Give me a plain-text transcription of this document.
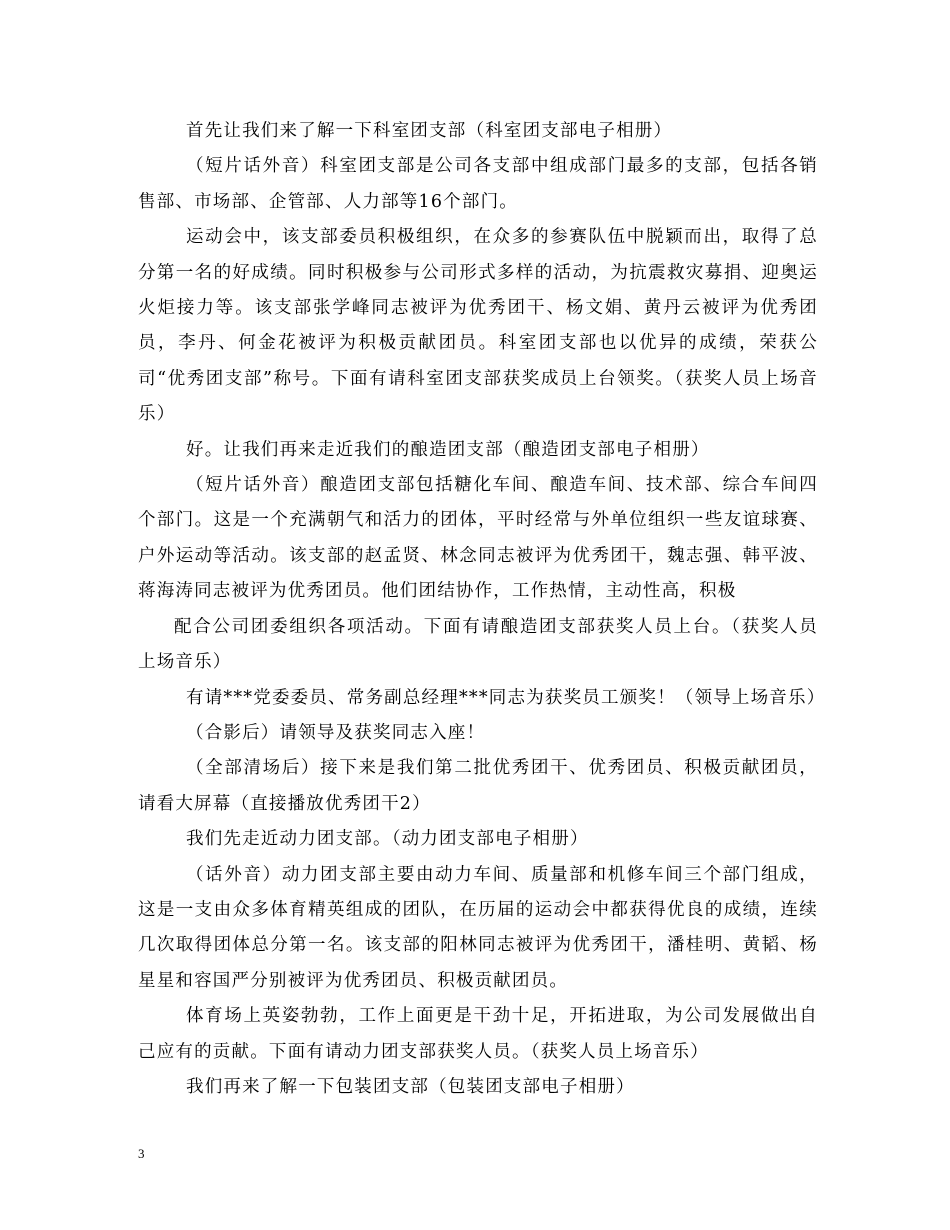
首先让我们来了解一下科室团支部（科室团支部电子相册）

（短片话外音）科室团支部是公司各支部中组成部门最多的支部，包括各销售部、市场部、企管部、人力部等16个部门。

运动会中，该支部委员积极组织，在众多的参赛队伍中脱颖而出，取得了总分第一名的好成绩。同时积极参与公司形式多样的活动，为抗震救灾募捐、迎奥运火炬接力等。该支部张学峰同志被评为优秀团干、杨文娟、黄丹云被评为优秀团员，李丹、何金花被评为积极贡献团员。科室团支部也以优异的成绩，荣获公司“优秀团支部”称号。下面有请科室团支部获奖成员上台领奖。（获奖人员上场音乐）

好。让我们再来走近我们的酿造团支部（酿造团支部电子相册）

（短片话外音）酿造团支部包括糖化车间、酿造车间、技术部、综合车间四个部门。这是一个充满朝气和活力的团体，平时经常与外单位组织一些友谊球赛、户外运动等活动。该支部的赵孟贤、林念同志被评为优秀团干，魏志强、韩平波、蒋海涛同志被评为优秀团员。他们团结协作，工作热情，主动性高，积极

配合公司团委组织各项活动。下面有请酿造团支部获奖人员上台。（获奖人员上场音乐）

有请***党委委员、常务副总经理***同志为获奖员工颁奖！（领导上场音乐）

（合影后）请领导及获奖同志入座！

（全部清场后）接下来是我们第二批优秀团干、优秀团员、积极贡献团员，请看大屏幕（直接播放优秀团干2）

我们先走近动力团支部。（动力团支部电子相册）

（话外音）动力团支部主要由动力车间、质量部和机修车间三个部门组成，这是一支由众多体育精英组成的团队，在历届的运动会中都获得优良的成绩，连续几次取得团体总分第一名。该支部的阳林同志被评为优秀团干，潘桂明、黄韬、杨星星和容国严分别被评为优秀团员、积极贡献团员。

体育场上英姿勃勃，工作上面更是干劲十足，开拓进取，为公司发展做出自己应有的贡献。下面有请动力团支部获奖人员。（获奖人员上场音乐）

我们再来了解一下包装团支部（包装团支部电子相册）

3
